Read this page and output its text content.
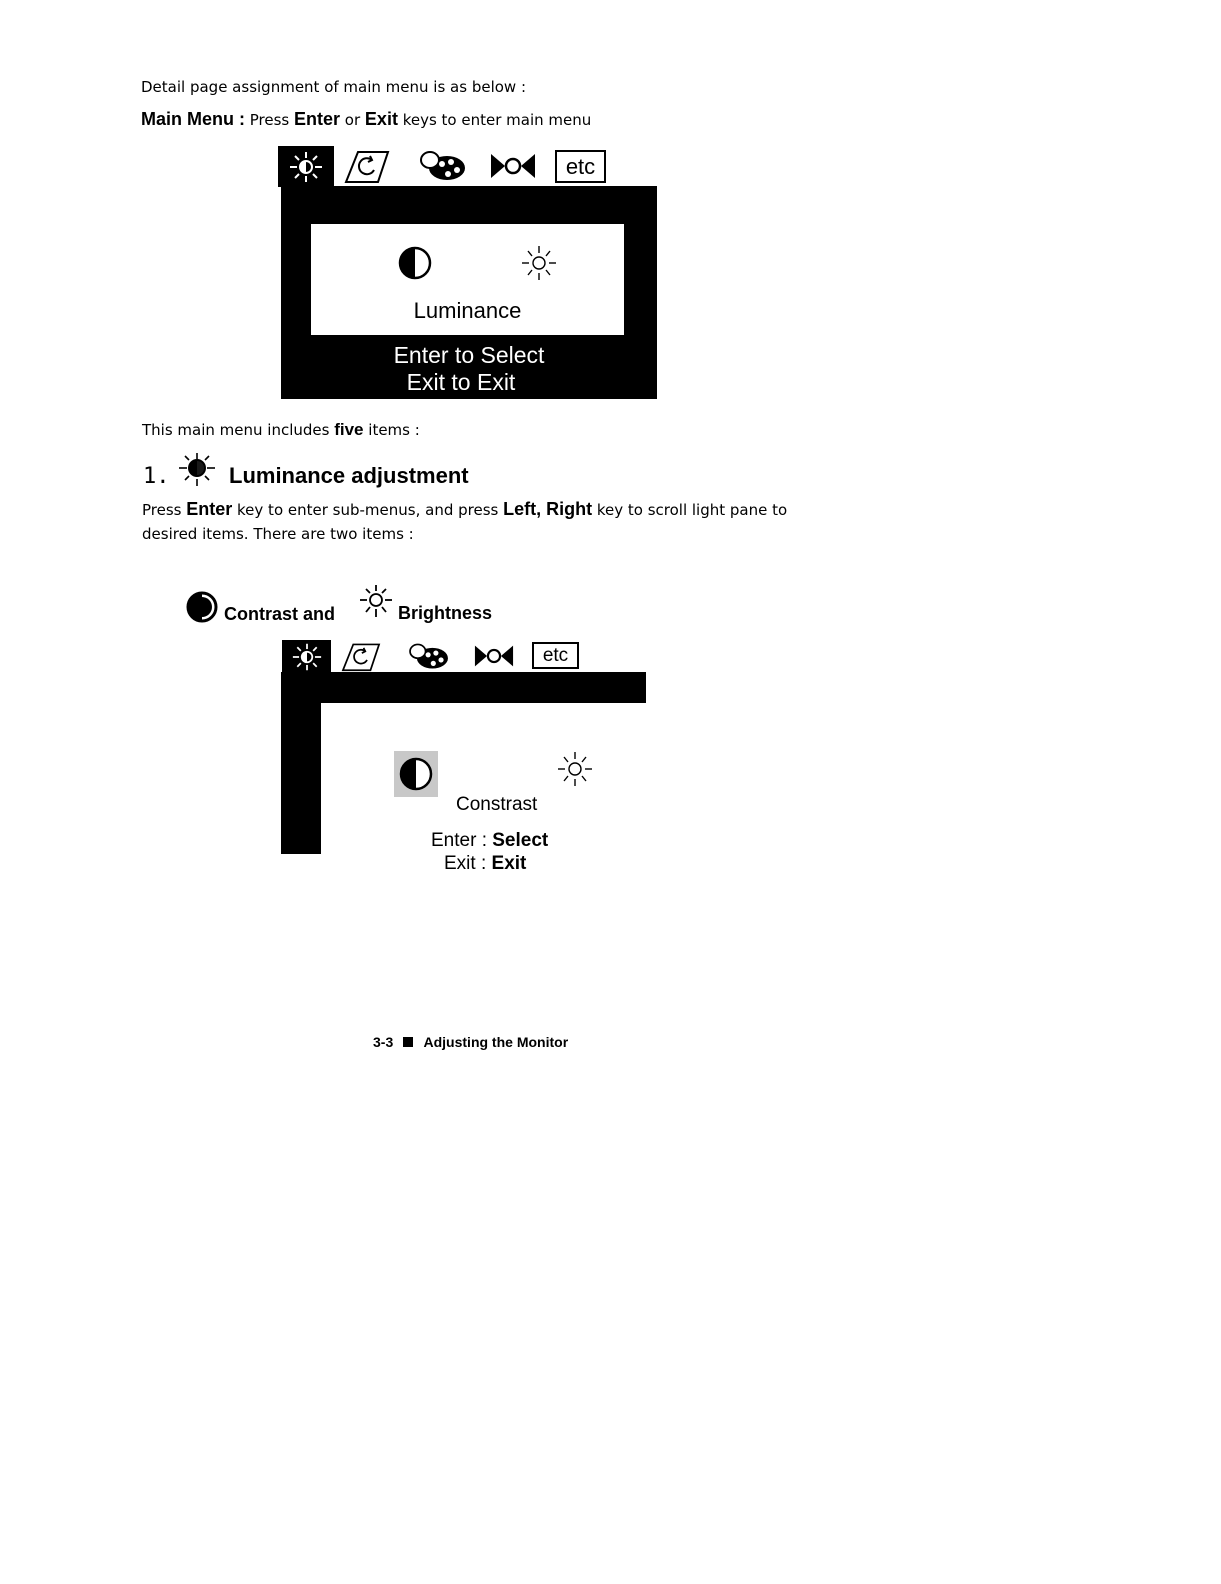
Detail page assignment of main menu is as below :
Main Menu : Press Enter or Exit keys to enter main menu
etc
Luminance
Enter to Select
Exit to Exit
This main menu includes five items :
1.	Luminance adjustment
Press Enter key to enter sub-menus, and press Left, Right key to scroll light pane to
desired items. There are two items :
Contrast and	Brightness
etc
Constrast
Enter : Select
Exit : Exit
3-3 Adjusting the Monitor
